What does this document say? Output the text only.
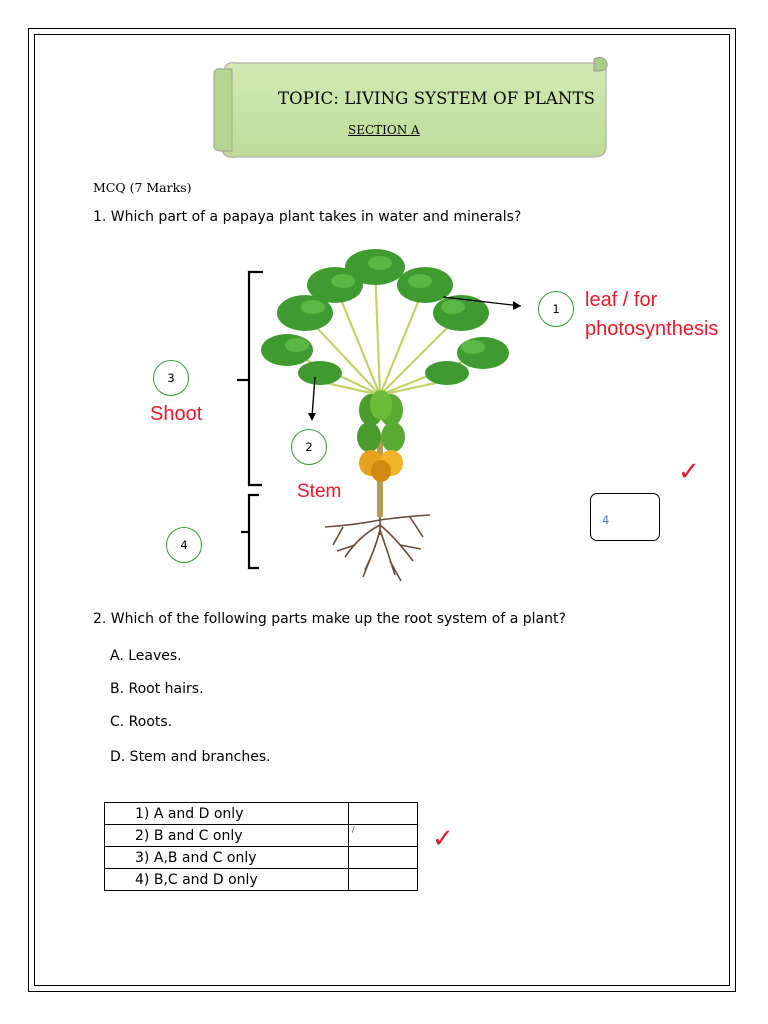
TOPIC: LIVING SYSTEM OF PLANTS
SECTION A
MCQ (7 Marks)
1. Which part of a papaya plant takes in water and minerals?
1
2
3
4
leaf / for
photosynthesis
Shoot
Stem
4
✓
2. Which of the following parts make up the root system of a plant?
A. Leaves.
B. Root hairs.
C. Roots.
D. Stem and branches.
1) A and D only	
2) B and C only	/

3) A,B and C only	
4) B,C and D only	
✓
